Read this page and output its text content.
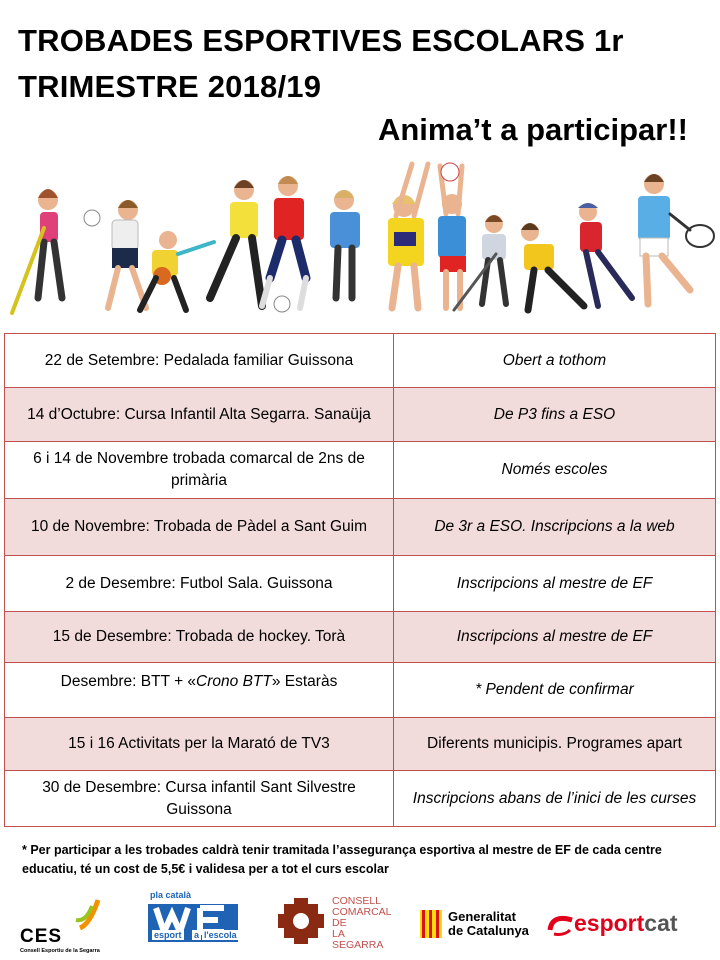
TROBADES ESPORTIVES ESCOLARS 1r TRIMESTRE 2018/19
Anima’t a participar!!
22 de Setembre: Pedalada familiar Guissona	Obert a tothom
14 d’Octubre: Cursa Infantil Alta Segarra. Sanaüja	De P3 fins a ESO
6 i 14 de Novembre trobada comarcal de 2ns de primària	Només escoles
10 de Novembre: Trobada de Pàdel a Sant Guim	De 3r a ESO. Inscripcions a la web
2 de Desembre: Futbol Sala. Guissona	Inscripcions al mestre de EF
15 de Desembre: Trobada de hockey. Torà	Inscripcions al mestre de EF
Desembre: BTT + «Crono BTT» Estaràs	* Pendent de confirmar
15 i 16 Activitats per la Marató de TV3	Diferents municipis. Programes apart
30 de Desembre: Cursa infantil Sant Silvestre Guissona	Inscripcions abans de l’inici de les curses
* Per participar a les trobades caldrà tenir tramitada l’assegurança esportiva al mestre de EF de cada centre educatiu, té un cost de 5,5€ i validesa per a tot el curs escolar
CES
Consell Esportiu de la Segarra
pla català
esport a l'escola
CONSELL
COMARCAL
DE
LA
SEGARRA
Generalitat
de Catalunya esportcat
